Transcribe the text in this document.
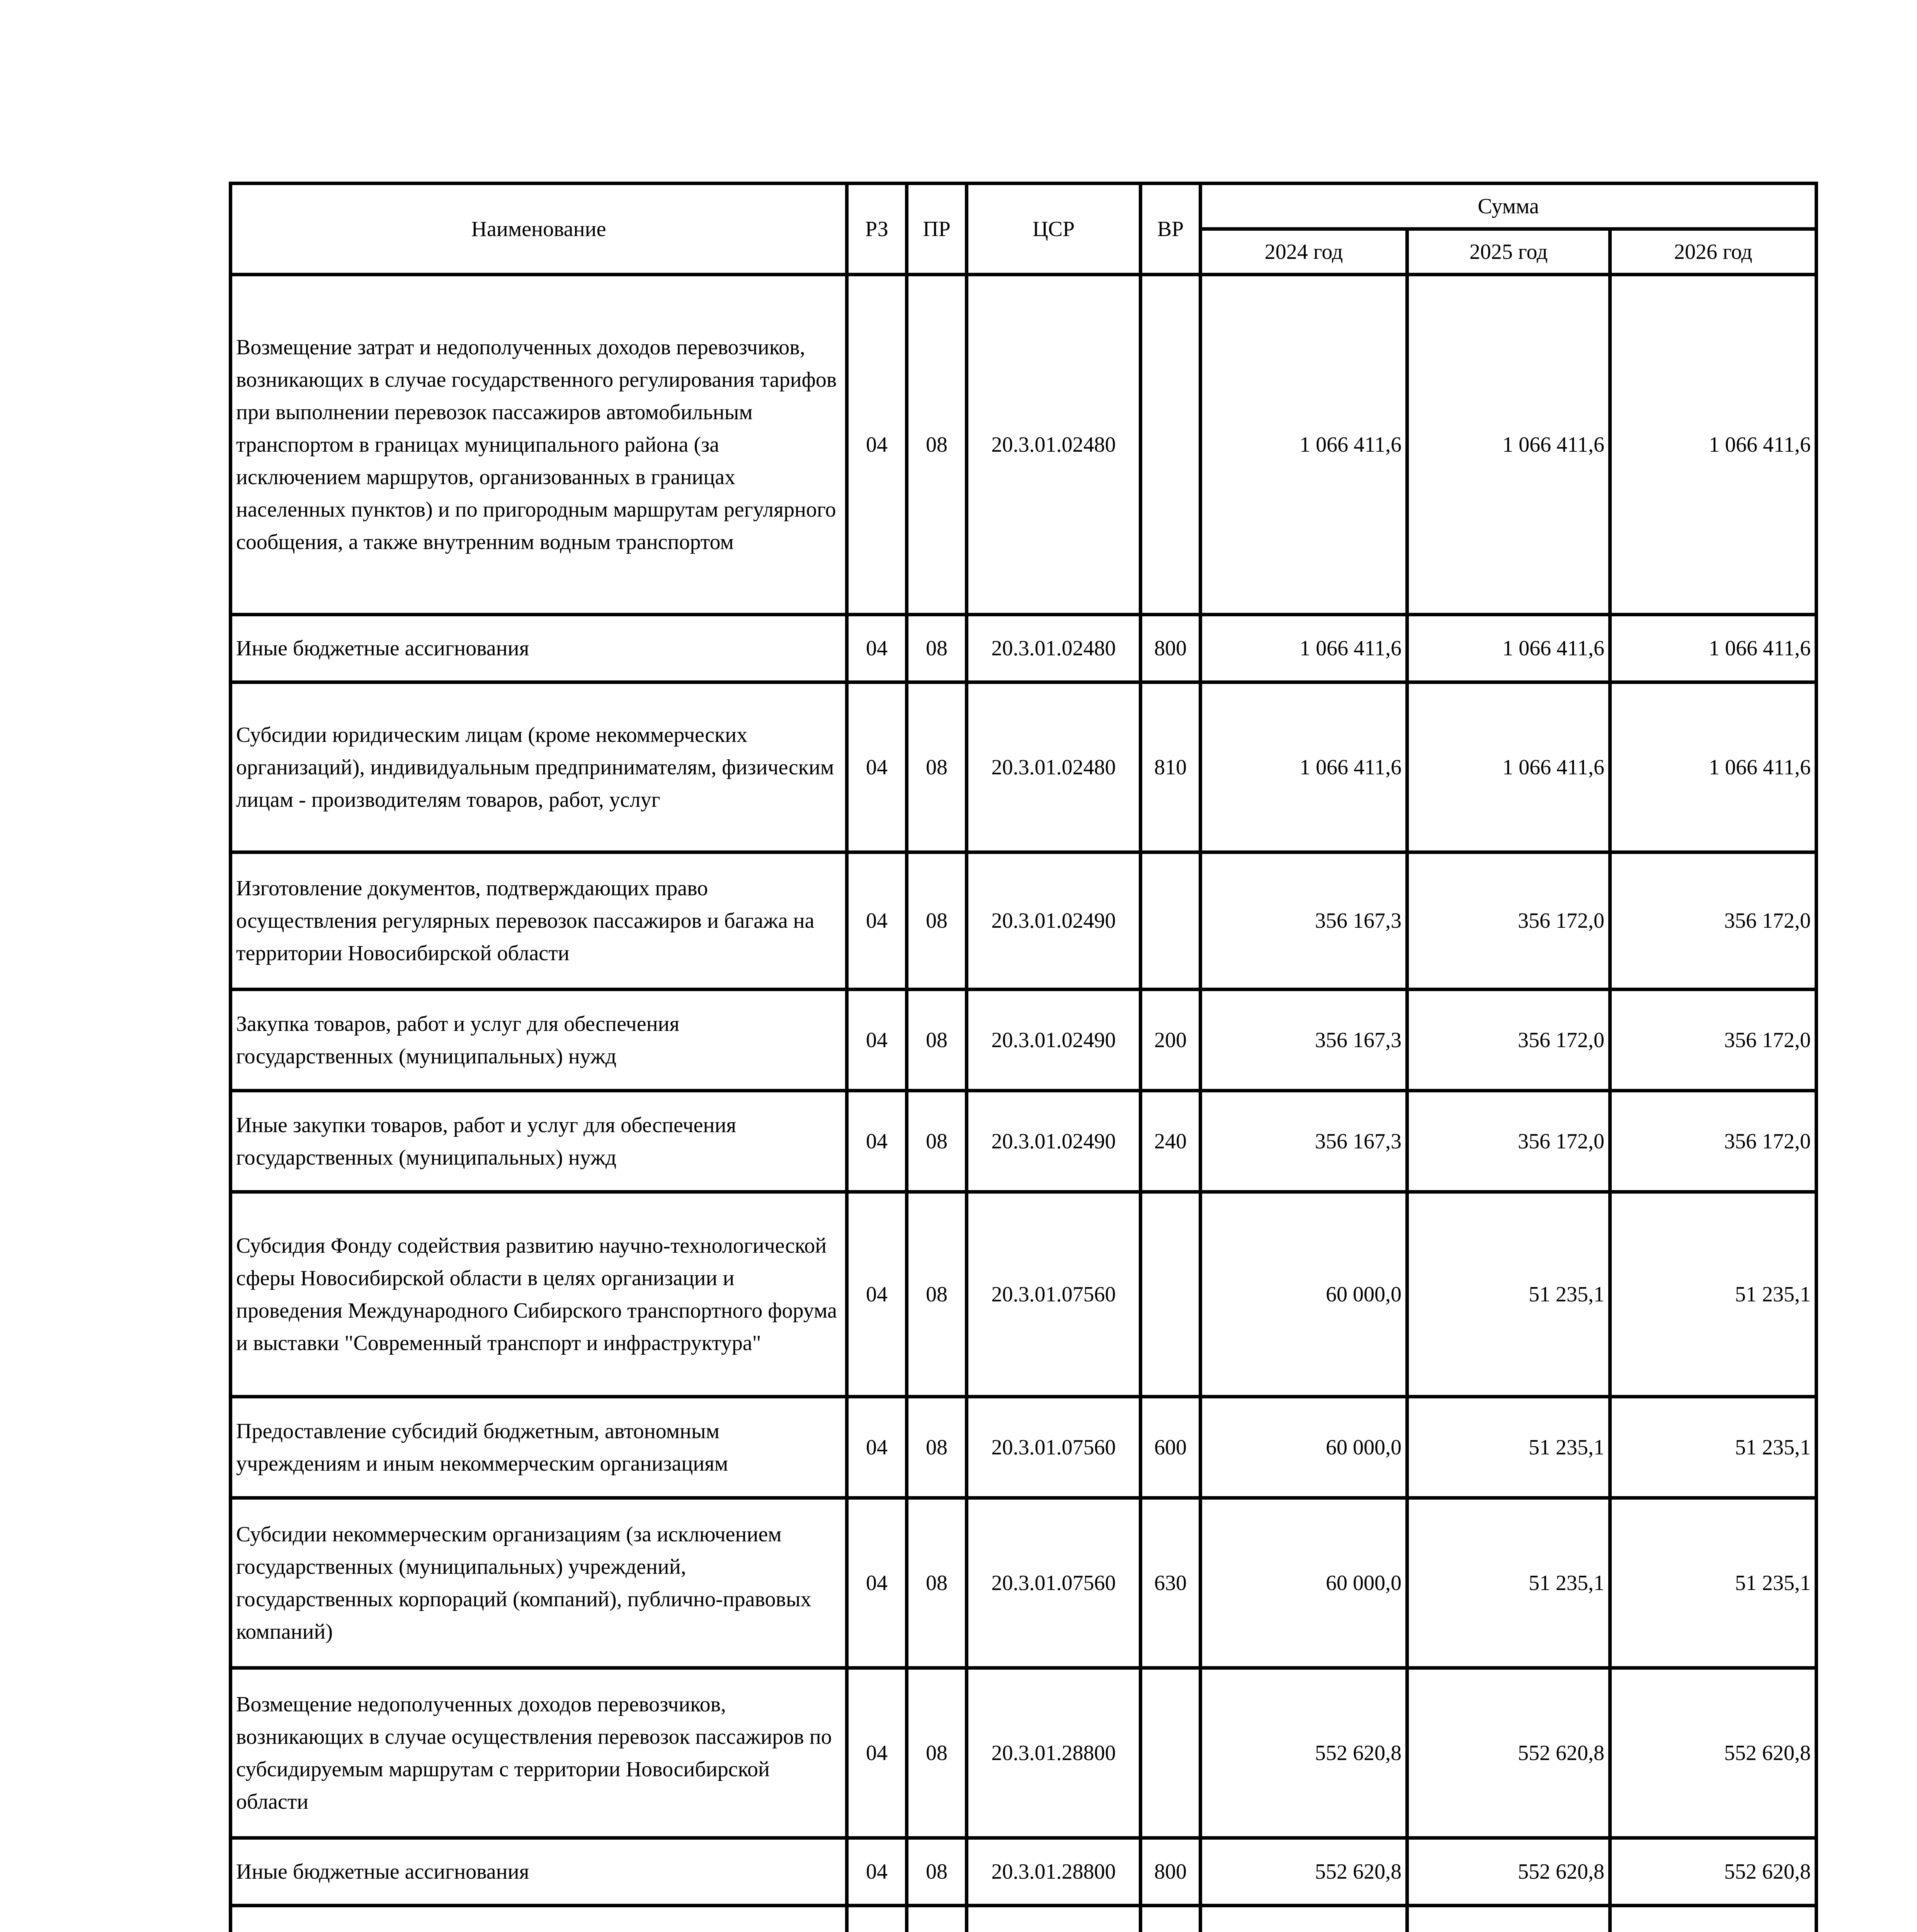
Наименование	РЗ	ПР	ЦСР	ВР	Сумма		
					2024 год	2025 год	2026 год
Возмещение затрат и недополученных доходов перевозчиков, возникающих в случае государственного регулирования тарифов при выполнении перевозок пассажиров автомобильным транспортом в границах муниципального района (за исключением маршрутов, организованных в границах населенных пунктов) и по пригородным маршрутам регулярного сообщения, а также внутренним водным транспортом	04	08	20.3.01.02480		1 066 411,6	1 066 411,6	1 066 411,6
Иные бюджетные ассигнования	04	08	20.3.01.02480	800	1 066 411,6	1 066 411,6	1 066 411,6
Субсидии юридическим лицам (кроме некоммерческих организаций), индивидуальным предпринимателям, физическим лицам - производителям товаров, работ, услуг	04	08	20.3.01.02480	810	1 066 411,6	1 066 411,6	1 066 411,6
Изготовление документов, подтверждающих право осуществления регулярных перевозок пассажиров и багажа на территории Новосибирской области	04	08	20.3.01.02490		356 167,3	356 172,0	356 172,0
Закупка товаров, работ и услуг для обеспечения государственных (муниципальных) нужд	04	08	20.3.01.02490	200	356 167,3	356 172,0	356 172,0
Иные закупки товаров, работ и услуг для обеспечения государственных (муниципальных) нужд	04	08	20.3.01.02490	240	356 167,3	356 172,0	356 172,0
Субсидия Фонду содействия развитию научно-технологической сферы Новосибирской области в целях организации и проведения Международного Сибирского транспортного форума и выставки "Современный транспорт и инфраструктура"	04	08	20.3.01.07560		60 000,0	51 235,1	51 235,1
Предоставление субсидий бюджетным, автономным учреждениям и иным некоммерческим организациям	04	08	20.3.01.07560	600	60 000,0	51 235,1	51 235,1
Субсидии некоммерческим организациям (за исключением государственных (муниципальных) учреждений, государственных корпораций (компаний), публично-правовых компаний)	04	08	20.3.01.07560	630	60 000,0	51 235,1	51 235,1
Возмещение недополученных доходов перевозчиков, возникающих в случае осуществления перевозок пассажиров по субсидируемым маршрутам с территории Новосибирской области	04	08	20.3.01.28800		552 620,8	552 620,8	552 620,8
Иные бюджетные ассигнования	04	08	20.3.01.28800	800	552 620,8	552 620,8	552 620,8
